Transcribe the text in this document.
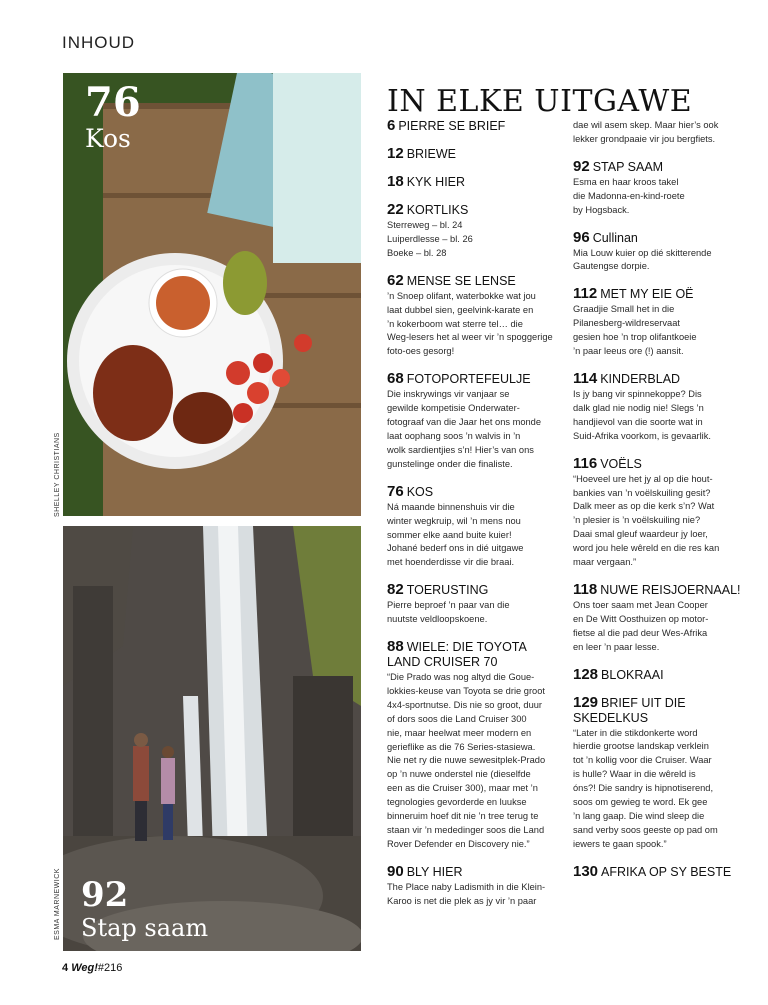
INHOUD
76
Kos
SHELLEY CHRISTIANS
92
Stap saam
ESMA MARNEWICK
IN ELKE UITGAWE
6 PIERRE SE BRIEF
12 BRIEWE
18 KYK HIER
22 KORTLIKS

Sterreweg – bl. 24

Luiperdlesse – bl. 26

Boeke – bl. 28

62 MENSE SE LENSE

’n Snoep olifant, waterbokke wat jou

laat dubbel sien, geelvink-karate en

’n kokerboom wat sterre tel… die

Weg-lesers het al weer vir ’n spoggerige

foto-oes gesorg!

68 FOTOPORTEFEULJE

Die inskrywings vir vanjaar se

gewilde kompetisie Onderwater-

fotograaf van die Jaar het ons monde

laat oophang soos ’n walvis in ’n

wolk sardientjies s’n! Hier’s van ons

gunstelinge onder die finaliste.

76 KOS

Ná maande binnenshuis vir die

winter wegkruip, wil ’n mens nou

sommer elke aand buite kuier!

Johané bederf ons in dié uitgawe

met hoenderdisse vir die braai.

82 TOERUSTING

Pierre beproef ’n paar van die

nuutste veldloopskoene.

88 WIELE: DIE TOYOTA LAND CRUISER 70

“Die Prado was nog altyd die Goue-

lokkies-keuse van Toyota se drie groot

4x4-sportnutse. Dis nie so groot, duur

of dors soos die Land Cruiser 300

nie, maar heelwat meer modern en

gerieflike as die 76 Series-stasiewa.

Nie net ry die nuwe sewesitplek-Prado

op ’n nuwe onderstel nie (dieselfde

een as die Cruiser 300), maar met ’n

tegnologies gevorderde en luukse

binneruim hoef dit nie ’n tree terug te

staan vir ’n mededinger soos die Land

Rover Defender en Discovery nie.”

90 BLY HIER

The Place naby Ladismith in die Klein-

Karoo is net die plek as jy vir ’n paar

dae wil asem skep. Maar hier’s ook

lekker grondpaaie vir jou bergfiets.

92 STAP SAAM

Esma en haar kroos takel

die Madonna-en-kind-roete

by Hogsback.

96 Cullinan

Mia Louw kuier op dié skitterende

Gautengse dorpie.

112 MET MY EIE OË

Graadjie Small het in die

Pilanesberg-wildreservaat

gesien hoe ’n trop olifantkoeie

’n paar leeus ore (!) aansit.

114 KINDERBLAD

Is jy bang vir spinnekoppe? Dis

dalk glad nie nodig nie! Slegs ’n

handjievol van die soorte wat in

Suid-Afrika voorkom, is gevaarlik.

116 VOËLS

“Hoeveel ure het jy al op die hout-

bankies van ’n voëlskuiling gesit?

Dalk meer as op die kerk s’n? Wat

’n plesier is ’n voëlskuiling nie?

Daai smal gleuf waardeur jy loer,

word jou hele wêreld en die res kan

maar vergaan.”

118 NUWE REISJOERNAAL!

Ons toer saam met Jean Cooper

en De Witt Oosthuizen op motor-

fietse al die pad deur Wes-Afrika

en leer ’n paar lesse.

128 BLOKRAAI
129 BRIEF UIT DIE SKEDELKUS

“Later in die stikdonkerte word

hierdie grootse landskap verklein

tot ’n kollig voor die Cruiser. Waar

is hulle? Waar in die wêreld is

óns?! Die sandry is hipnotiserend,

soos om gewieg te word. Ek gee

’n lang gaap. Die wind sleep die

sand verby soos geeste op pad om

iewers te gaan spook.”

130 AFRIKA OP SY BESTE
4 Weg!#216
